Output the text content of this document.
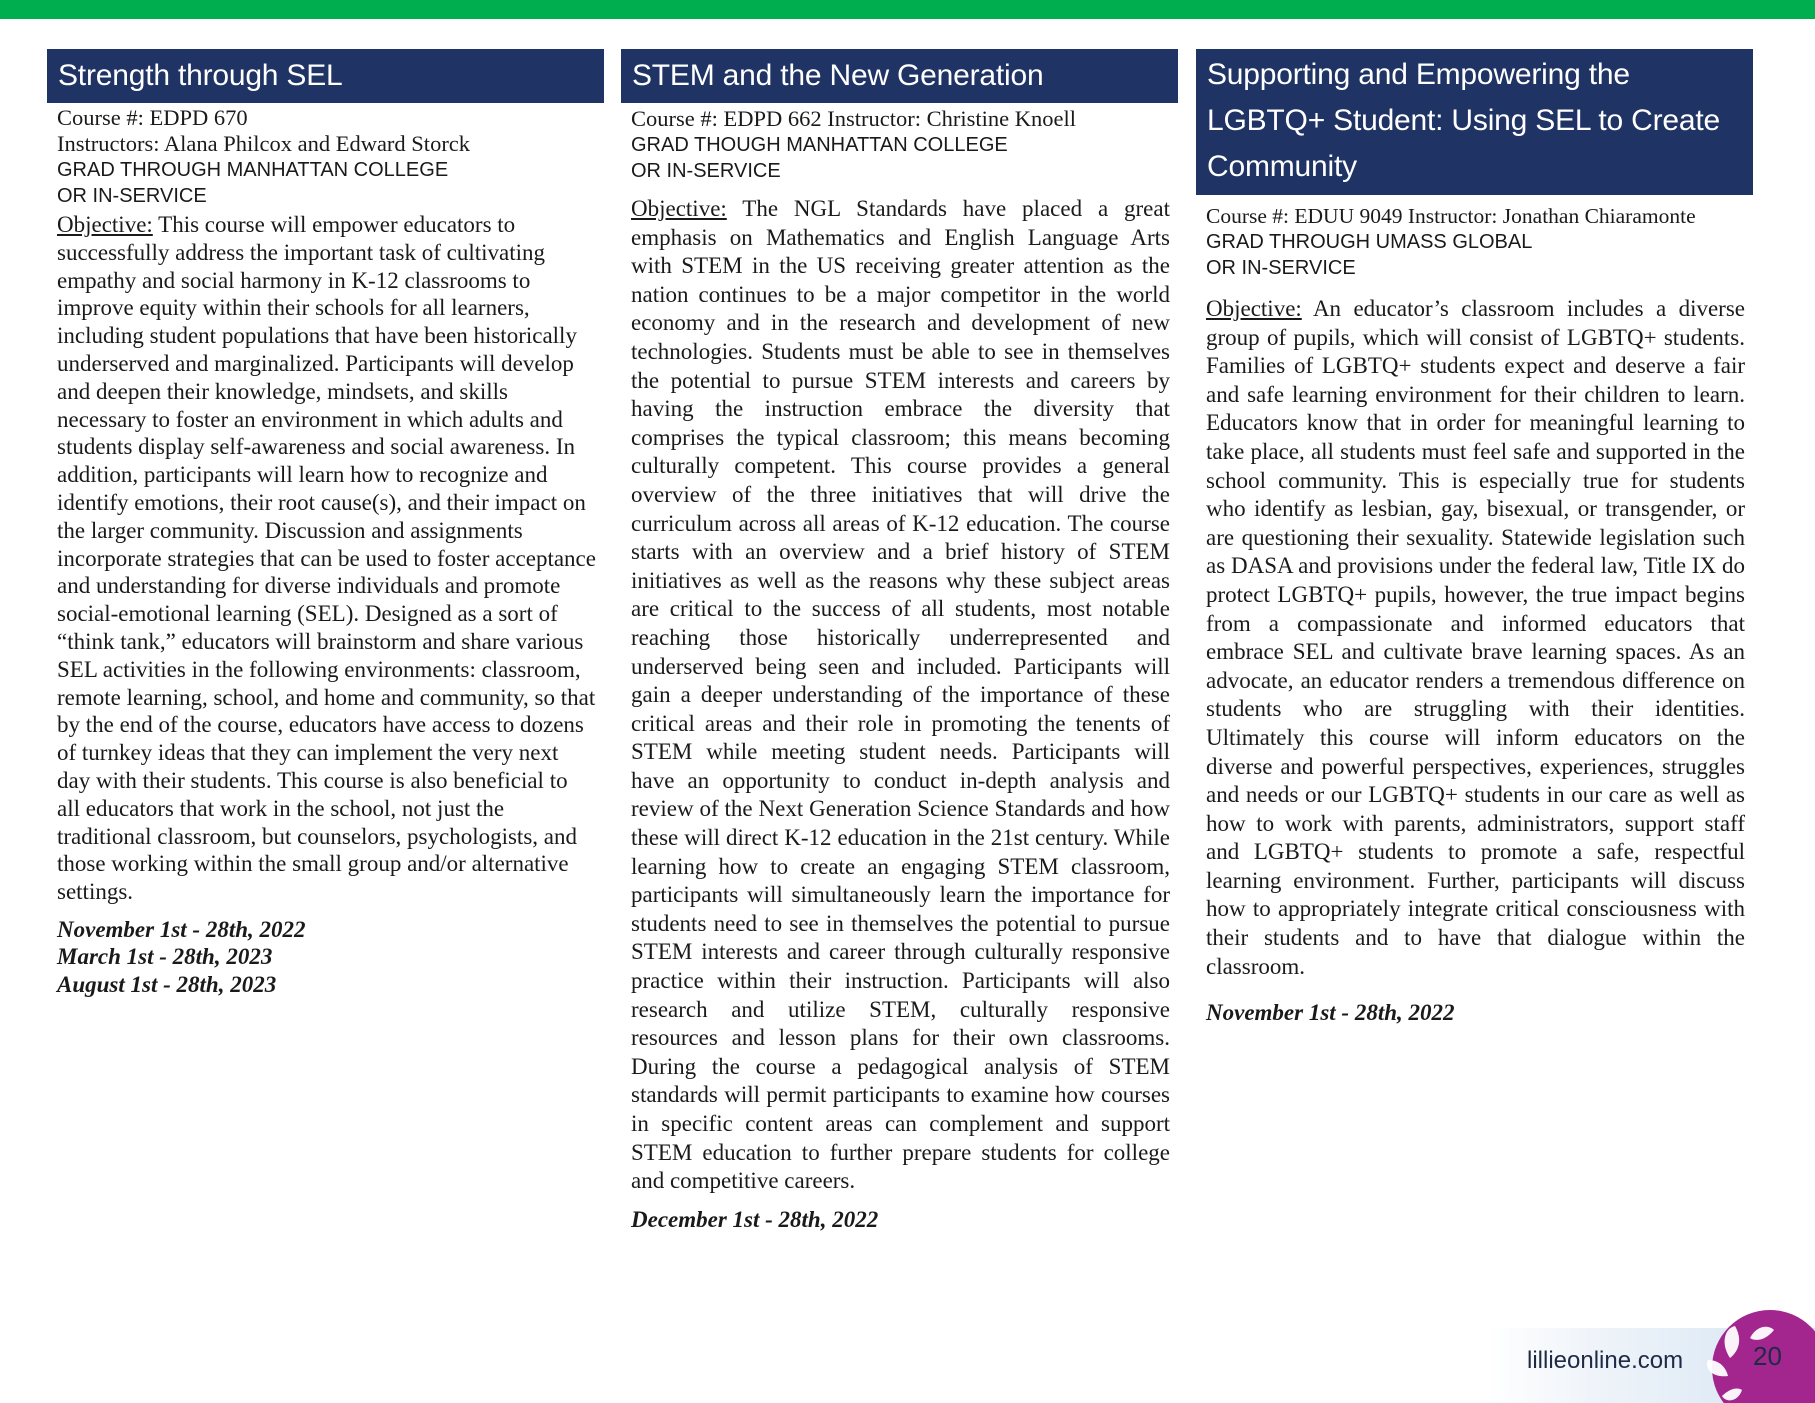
Strength through SEL

Course #: EDPD 670

Instructors: Alana Philcox and Edward Storck

GRAD THROUGH MANHATTAN COLLEGE

OR IN-SERVICE

Objective: This course will empower educators to successfully address the important task of cultivating empathy and social harmony in K-12 classrooms to improve equity within their schools for all learners, including student populations that have been historically underserved and marginalized. Participants will develop and deepen their knowledge, mindsets, and skills necessary to foster an environment in which adults and students display self-awareness and social awareness. In addition, participants will learn how to recognize and identify emotions, their root cause(s), and their impact on the larger community. Discussion and assignments incorporate strategies that can be used to foster acceptance and understanding for diverse individuals and promote social-emotional learning (SEL). Designed as a sort of “think tank,” educators will brainstorm and share various SEL activities in the following environments: classroom, remote learning, school, and home and community, so that by the end of the course, educators have access to dozens of turnkey ideas that they can implement the very next day with their students. This course is also beneficial to all educators that work in the school, not just the traditional classroom, but counselors, psychologists, and those working within the small group and/or alternative settings.

November 1st - 28th, 2022
March 1st - 28th, 2023
August 1st - 28th, 2023

STEM and the New Generation

Course #: EDPD 662 Instructor: Christine Knoell

GRAD THOUGH MANHATTAN COLLEGE

OR IN-SERVICE

Objective: The NGL Standards have placed a great emphasis on Mathematics and English Language Arts with STEM in the US receiving greater attention as the nation continues to be a major competitor in the world economy and in the research and development of new technologies. Students must be able to see in themselves the potential to pursue STEM interests and careers by having the instruction embrace the diversity that comprises the typical classroom; this means becoming culturally competent. This course provides a general overview of the three initiatives that will drive the curriculum across all areas of K-12 education. The course starts with an overview and a brief history of STEM initiatives as well as the reasons why these subject areas are critical to the success of all students, most notable reaching those historically underrepresented and underserved being seen and included. Participants will gain a deeper understanding of the importance of these critical areas and their role in promoting the tenents of STEM while meeting student needs. Participants will have an opportunity to conduct in-depth analysis and review of the Next Generation Science Standards and how these will direct K-12 education in the 21st century. While learning how to create an engaging STEM classroom, participants will simultaneously learn the importance for students need to see in themselves the potential to pursue STEM interests and career through culturally responsive practice within their instruction. Participants will also research and utilize STEM, culturally responsive resources and lesson plans for their own classrooms. During the course a pedagogical analysis of STEM standards will permit participants to examine how courses in specific content areas can complement and support STEM education to further prepare students for college and competitive careers.

December 1st - 28th, 2022

Supporting and Empowering the LGBTQ+ Student: Using SEL to Create Community

Course #: EDUU 9049 Instructor: Jonathan Chiaramonte

GRAD THROUGH UMASS GLOBAL

OR IN-SERVICE

Objective: An educator’s classroom includes a diverse group of pupils, which will consist of LGBTQ+ students. Families of LGBTQ+ students expect and deserve a fair and safe learning environment for their children to learn. Educators know that in order for meaningful learning to take place, all students must feel safe and supported in the school community. This is especially true for students who identify as lesbian, gay, bisexual, or transgender, or are questioning their sexuality. Statewide legislation such as DASA and provisions under the federal law, Title IX do protect LGBTQ+ pupils, however, the true impact begins from a compassionate and informed educators that embrace SEL and cultivate brave learning spaces. As an advocate, an educator renders a tremendous difference on students who are struggling with their identities. Ultimately this course will inform educators on the diverse and powerful perspectives, experiences, struggles and needs or our LGBTQ+ students in our care as well as how to work with parents, administrators, support staff and LGBTQ+ students to promote a safe, respectful learning environment. Further, participants will discuss how to appropriately integrate critical consciousness with their students and to have that dialogue within the classroom.

November 1st - 28th, 2022

lillieonline.com	20
